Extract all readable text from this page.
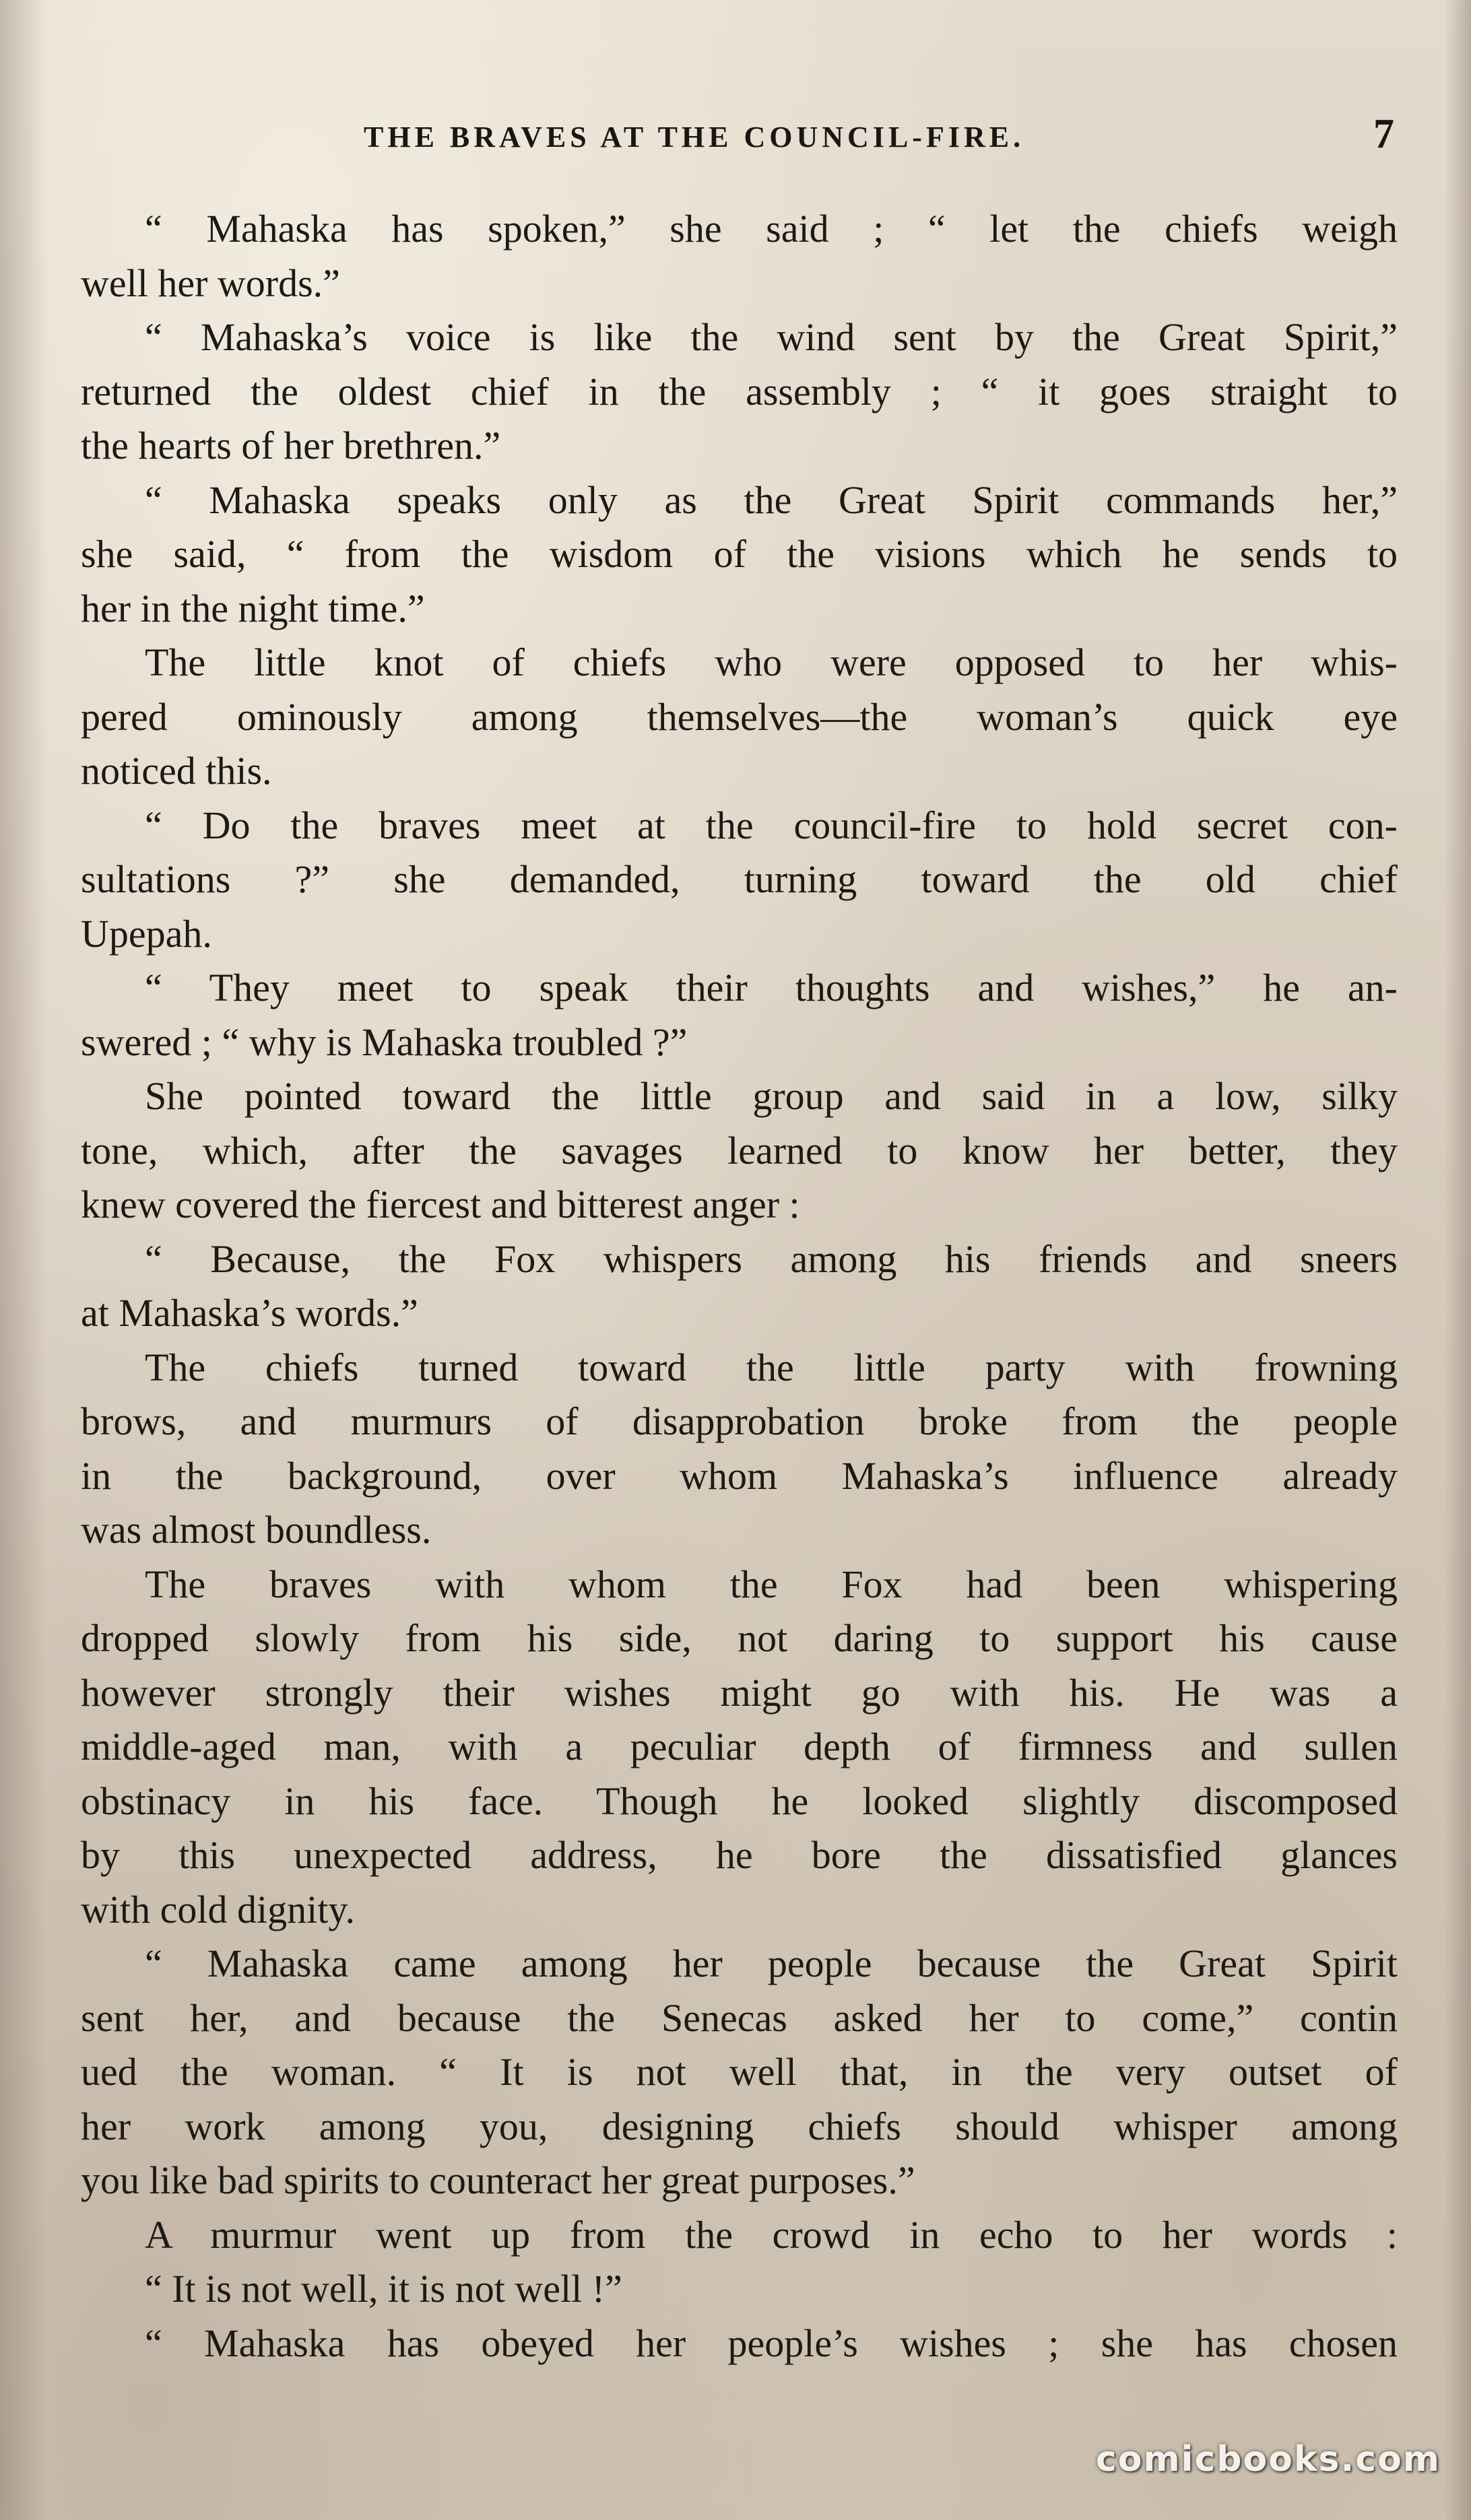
THE BRAVES AT THE COUNCIL-FIRE.	7
“ Mahaska has spoken,” she said ; “ let the chiefs weigh
well her words.”
“ Mahaska’s voice is like the wind sent by the Great Spirit,”
returned the oldest chief in the assembly ; “ it goes straight to
the hearts of her brethren.”
“ Mahaska speaks only as the Great Spirit commands her,”
she said, “ from the wisdom of the visions which he sends to
her in the night time.”
The little knot of chiefs who were opposed to her whis-
pered ominously among themselves—the woman’s quick eye
noticed this.
“ Do the braves meet at the council-fire to hold secret con-
sultations ?” she demanded, turning toward the old chief
Upepah.
“ They meet to speak their thoughts and wishes,” he an-
swered ; “ why is Mahaska troubled ?”
She pointed toward the little group and said in a low, silky
tone, which, after the savages learned to know her better, they
knew covered the fiercest and bitterest anger :
“ Because, the Fox whispers among his friends and sneers
at Mahaska’s words.”
The chiefs turned toward the little party with frowning
brows, and murmurs of disapprobation broke from the people
in the background, over whom Mahaska’s influence already
was almost boundless.
The braves with whom the Fox had been whispering
dropped slowly from his side, not daring to support his cause
however strongly their wishes might go with his. He was a
middle-aged man, with a peculiar depth of firmness and sullen
obstinacy in his face. Though he looked slightly discomposed
by this unexpected address, he bore the dissatisfied glances
with cold dignity.
“ Mahaska came among her people because the Great Spirit
sent her, and because the Senecas asked her to come,” contin
ued the woman. “ It is not well that, in the very outset of
her work among you, designing chiefs should whisper among
you like bad spirits to counteract her great purposes.”
A murmur went up from the crowd in echo to her words :
“ It is not well, it is not well !”
“ Mahaska has obeyed her people’s wishes ; she has chosen
comicbooks.com
